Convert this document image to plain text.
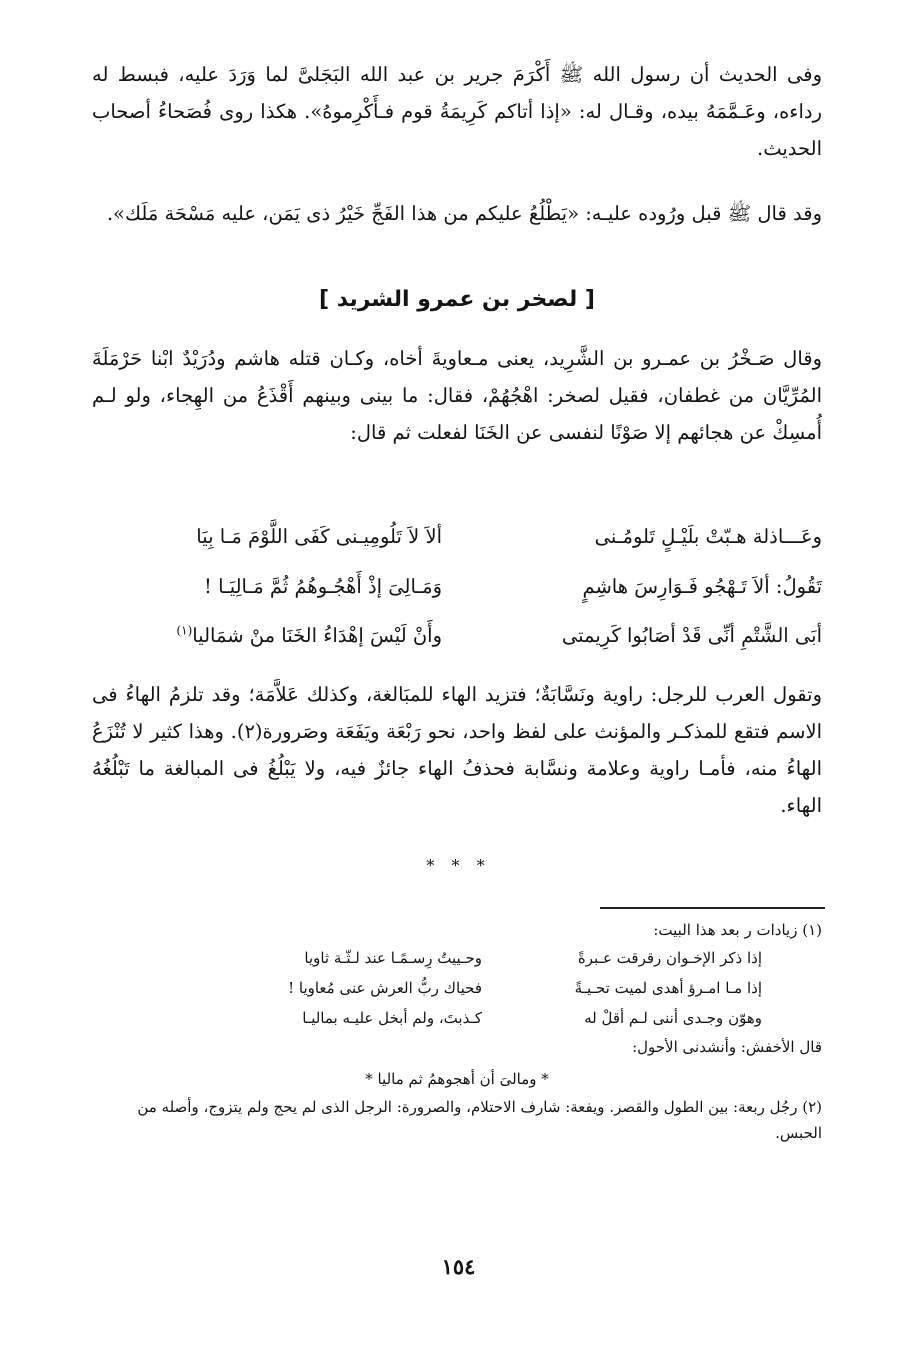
وفى الحديث أن رسول الله ﷺ أَكْرَمَ جرير بن عبد الله البَجَلىَّ لما وَرَدَ عليه، فبسط له رداءه، وعَـمَّمَهُ بيده، وقـال له: «إذا أتاكم كَرِيمَةُ قوم فـأَكْرِموهُ». هكذا روى فُصَحاءُ أصحاب الحديث.

وقد قال ﷺ قبل ورُوده عليـه: «يَطْلُعُ عليكم من هذا الفَجِّ خَيْرُ ذى يَمَن، عليه مَسْحَة مَلَك».

[ لصخر بن عمرو الشريد ]

وقال صَـخْرُ بن عمـرو بن الشَّرِيد، يعنى مـعاويةَ أخاه، وكـان قتله هاشم ودُرَيْدٌ ابْنا حَرْمَلَةَ المُرِّيَّان من غطفان، فقيل لصخر: اهْجُهُمْ، فقال: ما بينى وبينهم أَقْذَعُ من الهِجاء، ولو لـم أُمسِكْ عن هجائهم إلا صَوْنًا لنفسى عن الخَنَا لفعلت ثم قال:

وعَـــاذلة هـبّتْ بلَيْـلٍ تَلومُـنى
ألاَ لاَ تَلُومِيـنى كَفَى اللَّوْمَ مَـا بِيَا
تَقُولُ: ألاَ تَـهْجُو فَـوَارِسَ هاشِمٍ
وَمَـالِىَ إذْ أَهْجُـوهُمُ ثُمَّ مَـالِيَـا !
أبَى الشَّتْمِ أنِّى قَدْ أصَابُوا كَرِيمتى
وأَنْ لَيْسَ إهْدَاءُ الخَنَا منْ شمَاليا$^{(١)}$

وتقول العرب للرجل: راوية ونَسَّابَةٌ؛ فتزيد الهاء للمبَالغة، وكذلك عَلاَّمَة؛ وقد تلزمُ الهاءُ فى الاسم فتقع للمذكـر والمؤنث على لفظ واحد، نحو رَبْعَة ويَفَعَة وصَرورة(٢). وهذا كثير لا تُنْزَعُ الهاءُ منه، فأمـا راوية وعلامة ونسَّابة فحذفُ الهاء جائزٌ فيه، ولا يَبْلُغُ فى المبالغة ما تَبْلُغُهُ الهاء.

* * *

(١) زيادات ر بعد هذا البيت:

إذا ذكر الإخـوان رقرقت عـبرةً
وحـييتُ رِسـمًـا عند لـثّـة ثاويا
إذا مـا امـرؤ أهدى لميت تحـيـةً
فحياك ربُّ العرش عنى مُعاويا !
وهوّن وجـدى أننى لـم أقلْ له
كـذبتَ، ولم أبخل عليـه بماليـا

قال الأخفش: وأنشدنى الأحول:

* ومالىَ أن أهجوهمُ ثم ماليا *

(٢) رجُل ربعة: بين الطول والقصر. ويفعة: شارف الاحتلام، والصرورة: الرجل الذى لم يحج ولم يتزوج، وأصله من الحبس.

١٥٤
